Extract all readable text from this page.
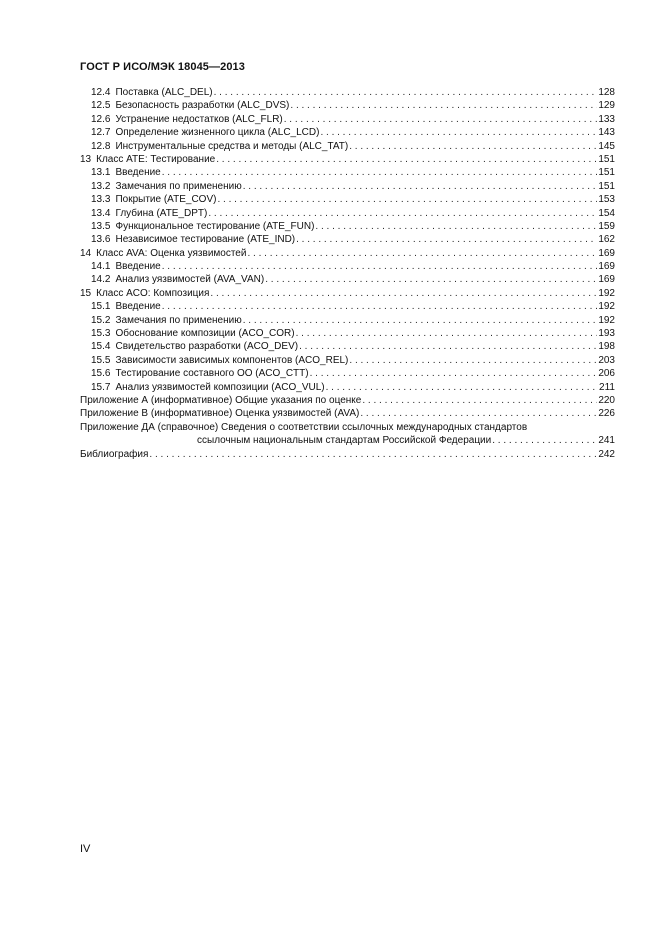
ГОСТ Р ИСО/МЭК 18045—2013
12.4 Поставка (ALC_DEL) . . .	128
12.5 Безопасность разработки (ALC_DVS) . . .	129
12.6 Устранение недостатков (ALC_FLR) . . .	133
12.7 Определение жизненного цикла (ALC_LCD) . . .	143
12.8 Инструментальные средства и методы (ALC_TAT) . . .	145
13 Класс ATE: Тестирование . . .	151
13.1 Введение . . .	151
13.2 Замечания по применению . . .	151
13.3 Покрытие (ATE_COV) . . .	153
13.4 Глубина (ATE_DPT) . . .	154
13.5 Функциональное тестирование (ATE_FUN) . . .	159
13.6 Независимое тестирование (ATE_IND) . . .	162
14 Класс AVA: Оценка уязвимостей . . .	169
14.1 Введение . . .	169
14.2 Анализ уязвимостей (AVA_VAN) . . .	169
15 Класс ACO: Композиция . . .	192
15.1 Введение . . .	192
15.2 Замечания по применению . . .	192
15.3 Обоснование композиции (ACO_COR) . . .	193
15.4 Свидетельство разработки (ACO_DEV) . . .	198
15.5 Зависимости зависимых компонентов (ACO_REL) . . .	203
15.6 Тестирование составного ОО (ACO_CTT) . . .	206
15.7 Анализ уязвимостей композиции (ACO_VUL) . . .	211
Приложение А (информативное) Общие указания по оценке . . .	220
Приложение В (информативное) Оценка уязвимостей (AVA) . . .	226
Приложение ДА (справочное) Сведения о соответствии ссылочных международных стандартов
ссылочным национальным стандартам Российской Федерации . . .	241
Библиография . . .	242
IV
